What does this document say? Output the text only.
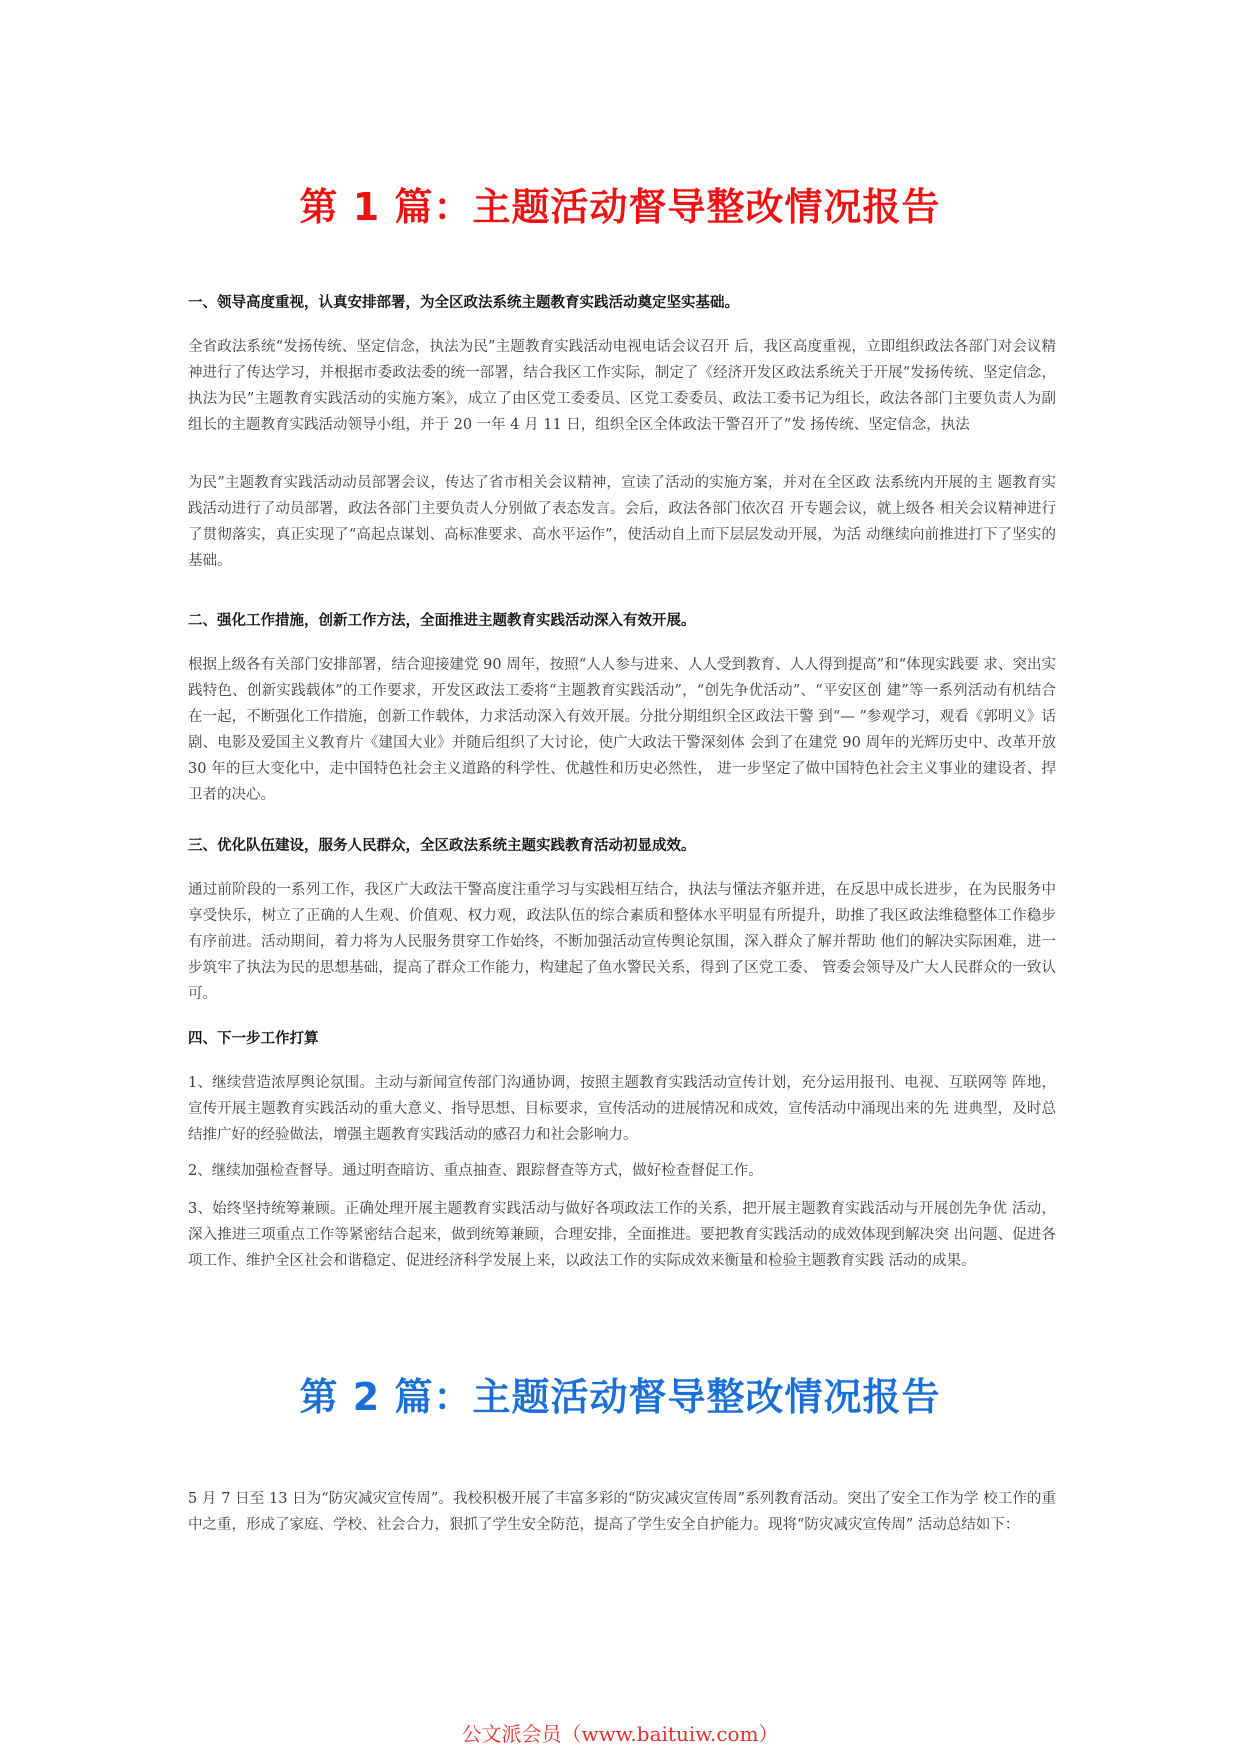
第 1 篇：主题活动督导整改情况报告

一、领导高度重视，认真安排部署，为全区政法系统主题教育实践活动奠定坚实基础。

全省政法系统“发扬传统、坚定信念，执法为民”主题教育实践活动电视电话会议召开 后，我区高度重视，立即组织政法各部门对会议精神进行了传达学习，并根据市委政法委的统一部署，结合我区工作实际，制定了《经济开发区政法系统关于开展“发扬传统、坚定信念，执法为民”主题教育实践活动的实施方案》，成立了由区党工委委员、区党工委委员、政法工委书记为组长，政法各部门主要负责人为副组长的主题教育实践活动领导小组，并于 20 一年 4 月 11 日，组织全区全体政法干警召开了“发 扬传统、坚定信念，执法

为民”主题教育实践活动动员部署会议，传达了省市相关会议精神，宣读了活动的实施方案，并对在全区政 法系统内开展的主 题教育实践活动进行了动员部署，政法各部门主要负责人分别做了表态发言。会后，政法各部门依次召 开专题会议，就上级各 相关会议精神进行了贯彻落实，真正实现了“高起点谋划、高标准要求、高水平运作”，使活动自上而下层层发动开展，为活 动继续向前推进打下了坚实的基础。

二、强化工作措施，创新工作方法，全面推进主题教育实践活动深入有效开展。

根据上级各有关部门安排部署，结合迎接建党 90 周年，按照“人人参与进来、人人受到教育、人人得到提高”和“体现实践要 求、突出实践特色、创新实践载体”的工作要求，开发区政法工委将“主题教育实践活动”，“创先争优活动”、“平安区创 建”等一系列活动有机结合在一起，不断强化工作措施，创新工作载体，力求活动深入有效开展。分批分期组织全区政法干警 到“— ”参观学习，观看《郭明义》话剧、电影及爱国主义教育片《建国大业》并随后组织了大讨论，使广大政法干警深刻体 会到了在建党 90 周年的光辉历史中、改革开放 30 年的巨大变化中，走中国特色社会主义道路的科学性、优越性和历史必然性， 进一步坚定了做中国特色社会主义事业的建设者、捍卫者的决心。

三、优化队伍建设，服务人民群众，全区政法系统主题实践教育活动初显成效。

通过前阶段的一系列工作，我区广大政法干警高度注重学习与实践相互结合，执法与懂法齐躯并进，在反思中成长进步，在为民服务中享受快乐，树立了正确的人生观、价值观、权力观，政法队伍的综合素质和整体水平明显有所提升，助推了我区政法维稳整体工作稳步有序前进。活动期间，着力将为人民服务贯穿工作始终，不断加强活动宣传舆论氛围，深入群众了解并帮助 他们的解决实际困难，进一步筑牢了执法为民的思想基础，提高了群众工作能力，构建起了鱼水警民关系，得到了区党工委、 管委会领导及广大人民群众的一致认可。

四、下一步工作打算

1、继续营造浓厚舆论氛围。主动与新闻宣传部门沟通协调，按照主题教育实践活动宣传计划，充分运用报刊、电视、互联网等 阵地，宣传开展主题教育实践活动的重大意义、指导思想、目标要求，宣传活动的进展情况和成效，宣传活动中涌现出来的先 进典型，及时总结推广好的经验做法，增强主题教育实践活动的感召力和社会影响力。

2、继续加强检查督导。通过明查暗访、重点抽查、跟踪督查等方式，做好检查督促工作。

3、始终坚持统筹兼顾。正确处理开展主题教育实践活动与做好各项政法工作的关系，把开展主题教育实践活动与开展创先争优 活动，深入推进三项重点工作等紧密结合起来，做到统筹兼顾，合理安排，全面推进。要把教育实践活动的成效体现到解决突 出问题、促进各项工作、维护全区社会和谐稳定、促进经济科学发展上来，以政法工作的实际成效来衡量和检验主题教育实践 活动的成果。

第 2 篇：主题活动督导整改情况报告

5 月 7 日至 13 日为“防灾减灾宣传周”。我校积极开展了丰富多彩的“防灾减灾宣传周”系列教育活动。突出了安全工作为学 校工作的重中之重，形成了家庭、学校、社会合力，狠抓了学生安全防范，提高了学生安全自护能力。现将“防灾减灾宣传周” 活动总结如下：

公文派会员（www.baituiw.com）
